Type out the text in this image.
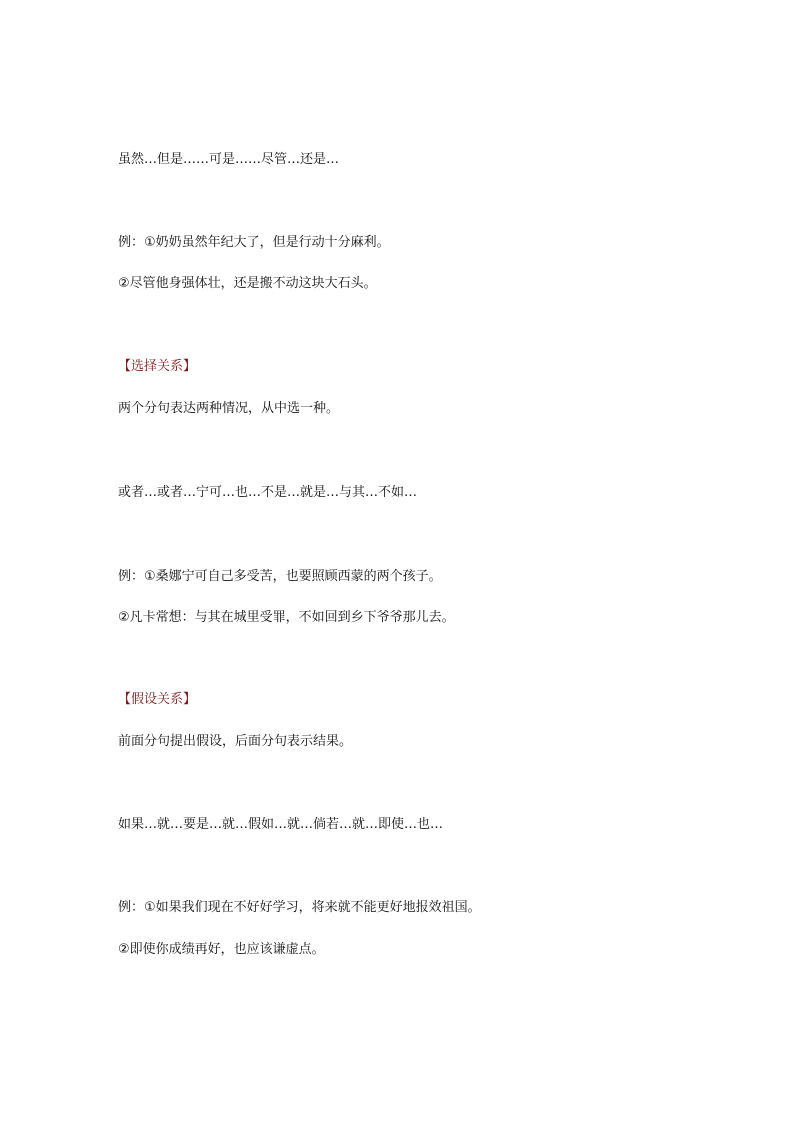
虽然…但是……可是……尽管…还是…
例：①奶奶虽然年纪大了，但是行动十分麻利。
②尽管他身强体壮，还是搬不动这块大石头。
【选择关系】
两个分句表达两种情况，从中选一种。
或者…或者…宁可…也…不是…就是…与其…不如…
例：①桑娜宁可自己多受苦，也要照顾西蒙的两个孩子。
②凡卡常想：与其在城里受罪，不如回到乡下爷爷那儿去。
【假设关系】
前面分句提出假设，后面分句表示结果。
如果…就…要是…就…假如…就…倘若…就…即使…也…
例：①如果我们现在不好好学习，将来就不能更好地报效祖国。
②即使你成绩再好，也应该谦虚点。
